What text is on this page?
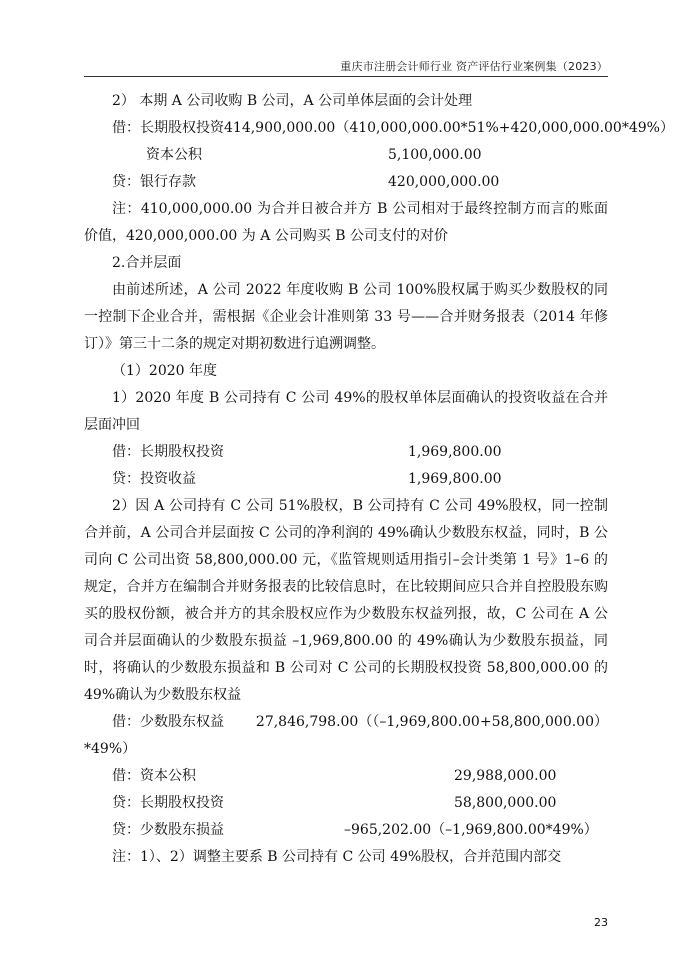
重庆市注册会计师行业 资产评估行业案例集（2023）

2） 本期 A 公司收购 B 公司，A 公司单体层面的会计处理

借：长期股权投资 414,900,000.00（410,000,000.00*51%+420,000,000.00*49%）
资本公积	5,100,000.00
贷：银行存款	420,000,000.00

注：410,000,000.00 为合并日被合并方 B 公司相对于最终控制方而言的账面价值，420,000,000.00 为 A 公司购买 B 公司支付的对价

2.合并层面

由前述所述，A 公司 2022 年度收购 B 公司 100%股权属于购买少数股权的同一控制下企业合并，需根据《企业会计准则第 33 号——合并财务报表（2014 年修订）》第三十二条的规定对期初数进行追溯调整。

（1）2020 年度

1）2020 年度 B 公司持有 C 公司 49%的股权单体层面确认的投资收益在合并层面冲回

借：长期股权投资	1,969,800.00
贷：投资收益	1,969,800.00

2）因 A 公司持有 C 公司 51%股权，B 公司持有 C 公司 49%股权，同一控制合并前，A 公司合并层面按 C 公司的净利润的 49%确认少数股东权益，同时，B 公司向 C 公司出资 58,800,000.00 元，《监管规则适用指引–会计类第 1 号》1–6 的规定，合并方在编制合并财务报表的比较信息时，在比较期间应只合并自控股股东购买的股权份额，被合并方的其余股权应作为少数股东权益列报，故，C 公司在 A 公司合并层面确认的少数股东损益 –1,969,800.00 的 49%确认为少数股东损益，同时，将确认的少数股东损益和 B 公司对 C 公司的长期股权投资 58,800,000.00 的 49%确认为少数股东权益

借：少数股东权益	27,846,798.00（（–1,969,800.00+58,800,000.00）

*49%）

借：资本公积	29,988,000.00
贷：长期股权投资	58,800,000.00
贷：少数股东损益	–965,202.00（–1,969,800.00*49%）

注：1）、2）调整主要系 B 公司持有 C 公司 49%股权，合并范围内部交

23
